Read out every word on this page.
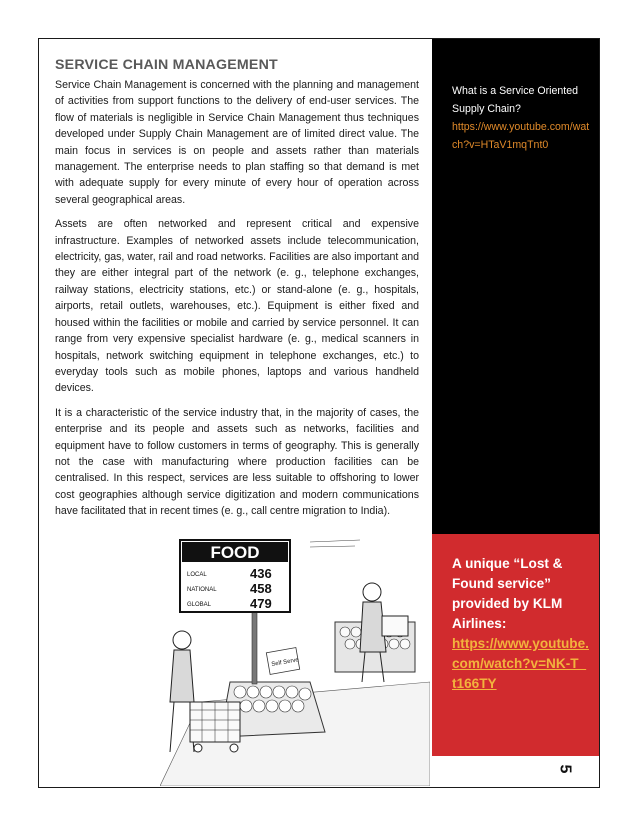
SERVICE CHAIN MANAGEMENT

Service Chain Management is concerned with the planning and management of activities from support functions to the delivery of end-user services. The flow of materials is negligible in Service Chain Management thus techniques developed under Supply Chain Management are of limited direct value. The main focus in services is on people and assets rather than materials management. The enterprise needs to plan staffing so that demand is met with adequate supply for every minute of every hour of operation across several geographical areas.

Assets are often networked and represent critical and expensive infrastructure. Examples of networked assets include telecommunication, electricity, gas, water, rail and road networks. Facilities are also important and they are either integral part of the network (e. g., telephone exchanges, railway stations, electricity stations, etc.) or stand-alone (e. g., hospitals, airports, retail outlets, warehouses, etc.). Equipment is either fixed and housed within the facilities or mobile and carried by service personnel. It can range from very expensive specialist hardware (e. g., medical scanners in hospitals, network switching equipment in telephone exchanges, etc.) to everyday tools such as mobile phones, laptops and various handheld devices.

It is a characteristic of the service industry that, in the majority of cases, the enterprise and its people and assets such as networks, facilities and equipment have to follow customers in terms of geography. This is generally not the case with manufacturing where production facilities can be centralised. In this respect, services are less suitable to offshoring to lower cost geographies although service digitization and modern communications have facilitated that in recent times (e. g., call centre migration to India).

What is a Service Oriented Supply Chain?
https://www.youtube.com/watch?v=HTaV1mqTnt0
A unique “Lost & Found service” provided by KLM Airlines:
https://www.youtube.com/watch?v=NK-T_t166TY
5
FOOD
LOCAL
NATIONAL
GLOBAL
436
458
479
Self Serve
